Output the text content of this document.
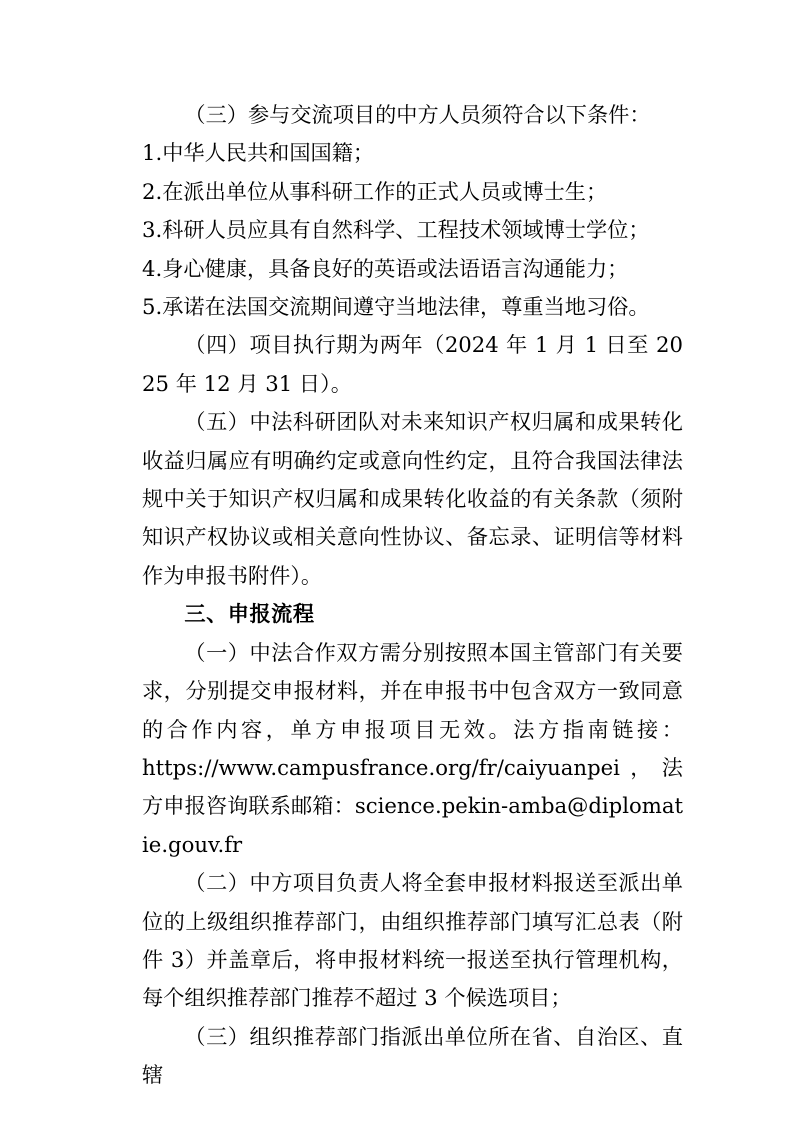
（三）参与交流项目的中方人员须符合以下条件：

1.中华人民共和国国籍；

2.在派出单位从事科研工作的正式人员或博士生；

3.科研人员应具有自然科学、工程技术领域博士学位；

4.身心健康，具备良好的英语或法语语言沟通能力；

5.承诺在法国交流期间遵守当地法律，尊重当地习俗。

（四）项目执行期为两年（2024 年 1 月 1 日至 2025 年 12 月 31 日）。

（五）中法科研团队对未来知识产权归属和成果转化收益归属应有明确约定或意向性约定，且符合我国法律法规中关于知识产权归属和成果转化收益的有关条款（须附知识产权协议或相关意向性协议、备忘录、证明信等材料作为申报书附件）。

三、申报流程

（一）中法合作双方需分别按照本国主管部门有关要求，分别提交申报材料，并在申报书中包含双方一致同意的合作内容，单方申报项目无效。法方指南链接：

https://www.campusfrance.org/fr/caiyuanpei，法方申报咨询联系邮箱：science.pekin-amba@diplomatie.gouv.fr

（二）中方项目负责人将全套申报材料报送至派出单位的上级组织推荐部门，由组织推荐部门填写汇总表（附件 3）并盖章后，将申报材料统一报送至执行管理机构，每个组织推荐部门推荐不超过 3 个候选项目；

（三）组织推荐部门指派出单位所在省、自治区、直辖
